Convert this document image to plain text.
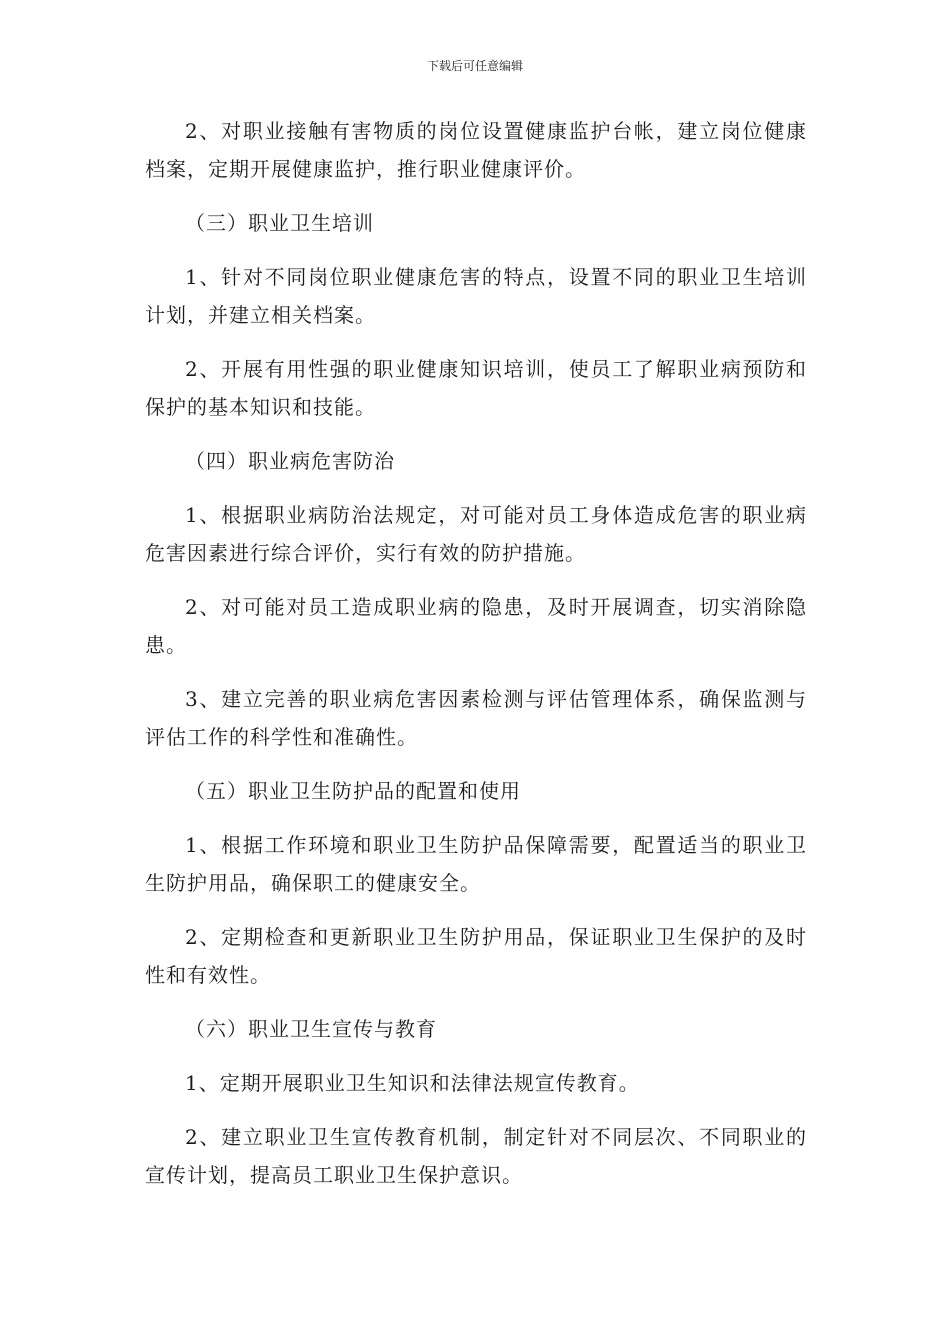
下载后可任意编辑

2、对职业接触有害物质的岗位设置健康监护台帐，建立岗位健康档案，定期开展健康监护，推行职业健康评价。

（三）职业卫生培训

1、针对不同岗位职业健康危害的特点，设置不同的职业卫生培训计划，并建立相关档案。

2、开展有用性强的职业健康知识培训，使员工了解职业病预防和保护的基本知识和技能。

（四）职业病危害防治

1、根据职业病防治法规定，对可能对员工身体造成危害的职业病危害因素进行综合评价，实行有效的防护措施。

2、对可能对员工造成职业病的隐患，及时开展调查，切实消除隐患。

3、建立完善的职业病危害因素检测与评估管理体系，确保监测与评估工作的科学性和准确性。

（五）职业卫生防护品的配置和使用

1、根据工作环境和职业卫生防护品保障需要，配置适当的职业卫生防护用品，确保职工的健康安全。

2、定期检查和更新职业卫生防护用品，保证职业卫生保护的及时性和有效性。

（六）职业卫生宣传与教育

1、定期开展职业卫生知识和法律法规宣传教育。

2、建立职业卫生宣传教育机制，制定针对不同层次、不同职业的宣传计划，提高员工职业卫生保护意识。
